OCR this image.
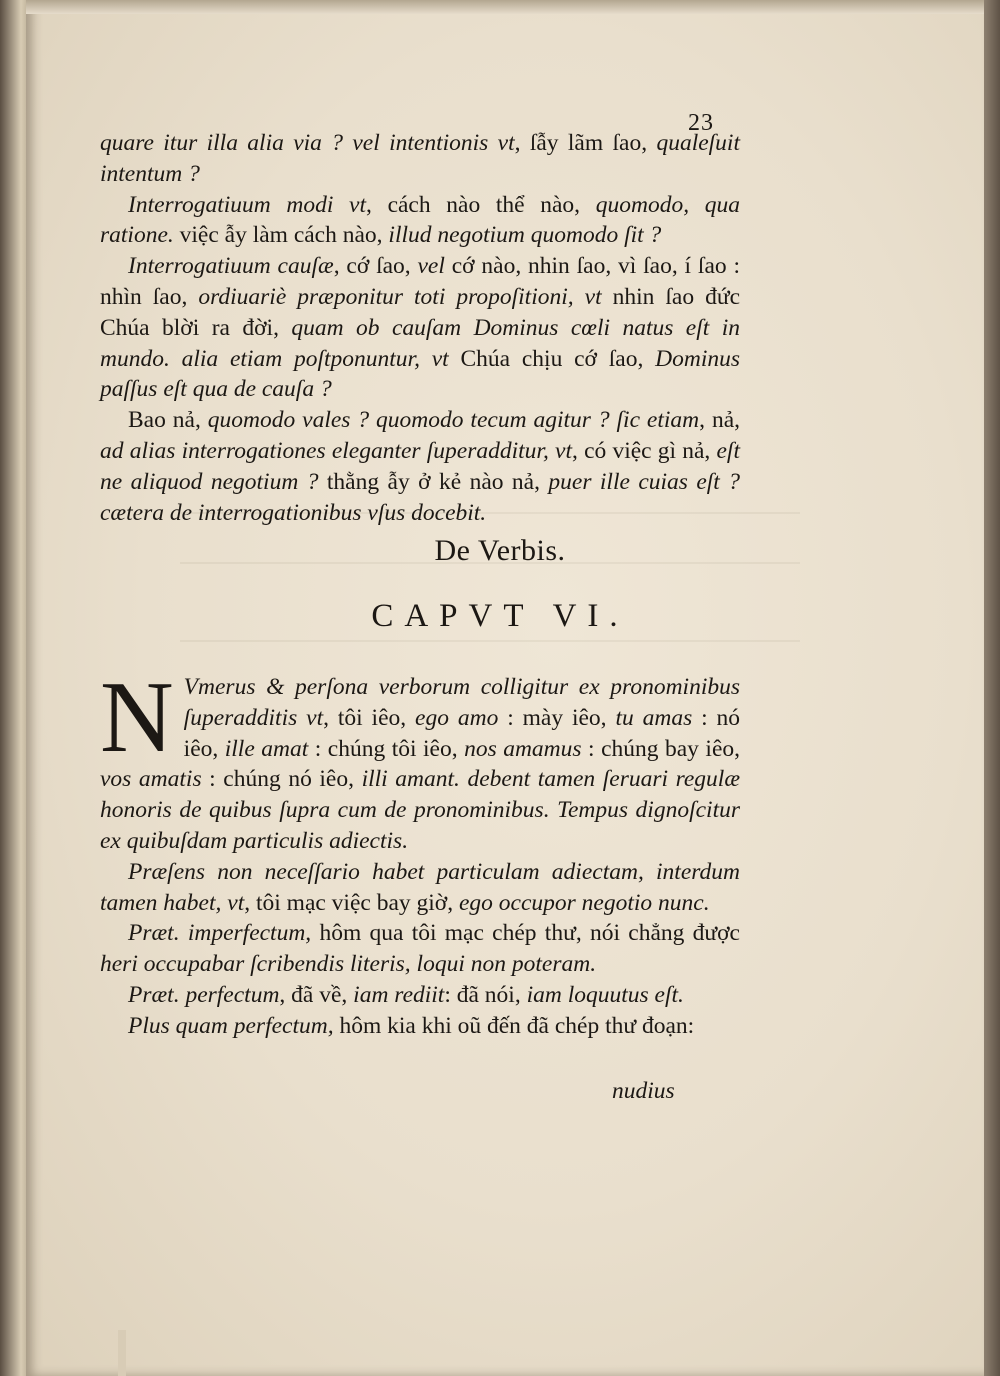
23

quare itur illa alia via ? vel intentionis vt, ſẫy lãm ſao, qualeſuit intentum ?

Interrogatiuum modi vt, cách nào thể nào, quomodo, qua ratione. việc ẫy làm cách nào, illud negotium quomodo ſit ?

Interrogatiuum cauſæ, cớ ſao, vel cớ nào, nhin ſao, vì ſao, í ſao : nhìn ſao, ordiuariè præponitur toti propoſitioni, vt nhin ſao đức Chúa blời ra đời, quam ob cauſam Dominus cœli natus eſt in mundo. alia etiam poſtponuntur, vt Chúa chịu cớ ſao, Dominus paſſus eſt qua de cauſa ?

Bao nả, quomodo vales ? quomodo tecum agitur ? ſic etiam, nả, ad alias interrogationes eleganter ſuperadditur, vt, có việc gì nả, eſt ne aliquod negotium ? thằng ẫy ở kẻ nào nả, puer ille cuias eſt ? cætera de interrogationibus vſus docebit.

De Verbis.
CAPVT VI.

N Vmerus & perſona verborum colligitur ex pronominibus ſuperadditis vt, tôi iêo, ego amo : mày iêo, tu amas : nó iêo, ille amat : chúng tôi iêo, nos amamus : chúng bay iêo, vos amatis : chúng nó iêo, illi amant. debent tamen ſeruari regulæ honoris de quibus ſupra cum de pronominibus. Tempus dignoſcitur ex quibuſdam particulis adiectis.

Præſens non neceſſario habet particulam adiectam, interdum tamen habet, vt, tôi mạc việc bay giờ, ego occupor negotio nunc.

Præt. imperfectum, hôm qua tôi mạc chép thư, nói chẳng được heri occupabar ſcribendis literis, loqui non poteram.

Præt. perfectum, đã về, iam rediit: đã nói, iam loquutus eſt.

Plus quam perfectum, hôm kia khi oũ đến đã chép thư đoạn:

nudius
